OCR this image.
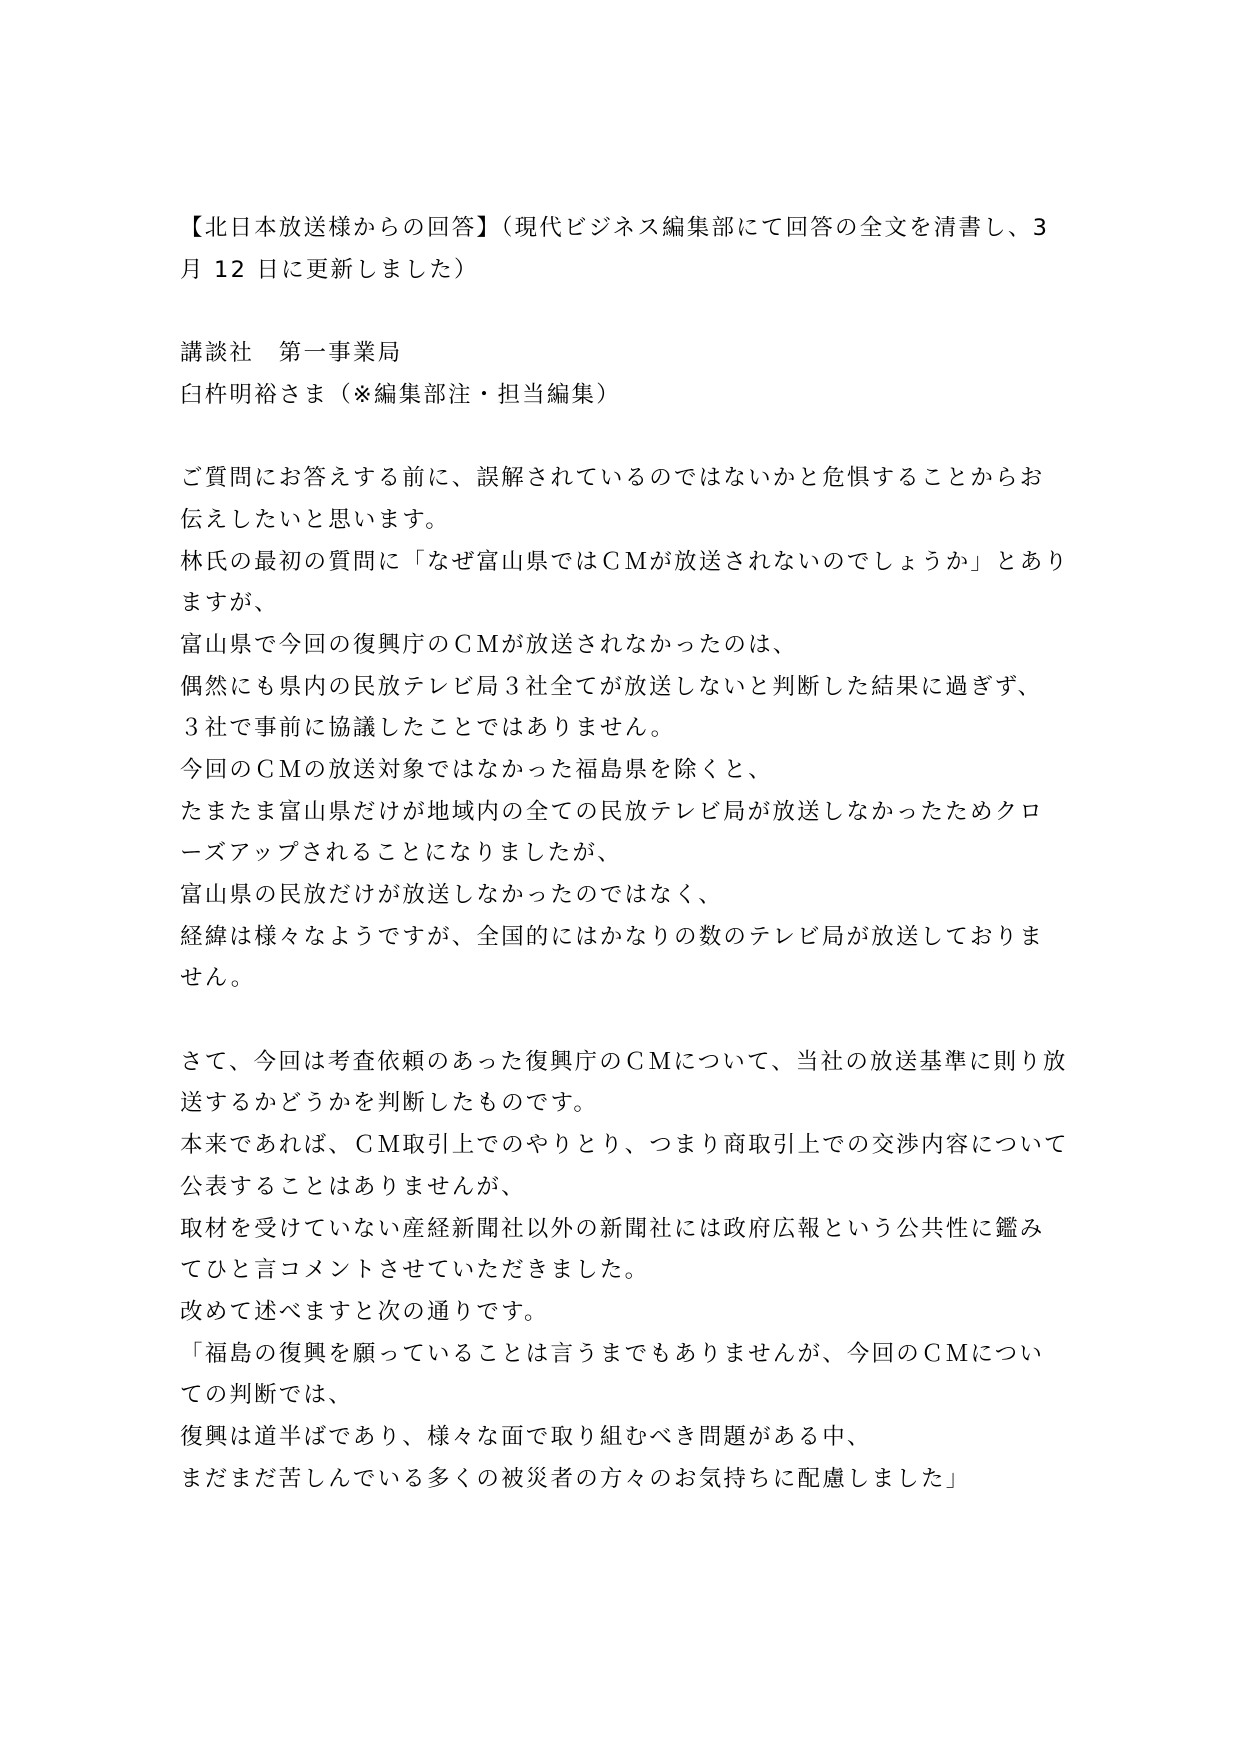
【北日本放送様からの回答】（現代ビジネス編集部にて回答の全文を清書し、3
月 12 日に更新しました）
講談社　第一事業局
臼杵明裕さま（※編集部注・担当編集）
ご質問にお答えする前に、誤解されているのではないかと危惧することからお
伝えしたいと思います。
林氏の最初の質問に「なぜ富山県ではＣＭが放送されないのでしょうか」とあり
ますが、
富山県で今回の復興庁のＣＭが放送されなかったのは、
偶然にも県内の民放テレビ局３社全てが放送しないと判断した結果に過ぎず、
３社で事前に協議したことではありません。
今回のＣＭの放送対象ではなかった福島県を除くと、
たまたま富山県だけが地域内の全ての民放テレビ局が放送しなかったためクロ
ーズアップされることになりましたが、
富山県の民放だけが放送しなかったのではなく、
経緯は様々なようですが、全国的にはかなりの数のテレビ局が放送しておりま
せん。
さて、今回は考査依頼のあった復興庁のＣＭについて、当社の放送基準に則り放
送するかどうかを判断したものです。
本来であれば、ＣＭ取引上でのやりとり、つまり商取引上での交渉内容について
公表することはありませんが、
取材を受けていない産経新聞社以外の新聞社には政府広報という公共性に鑑み
てひと言コメントさせていただきました。
改めて述べますと次の通りです。
「福島の復興を願っていることは言うまでもありませんが、今回のＣＭについ
ての判断では、
復興は道半ばであり、様々な面で取り組むべき問題がある中、
まだまだ苦しんでいる多くの被災者の方々のお気持ちに配慮しました」
